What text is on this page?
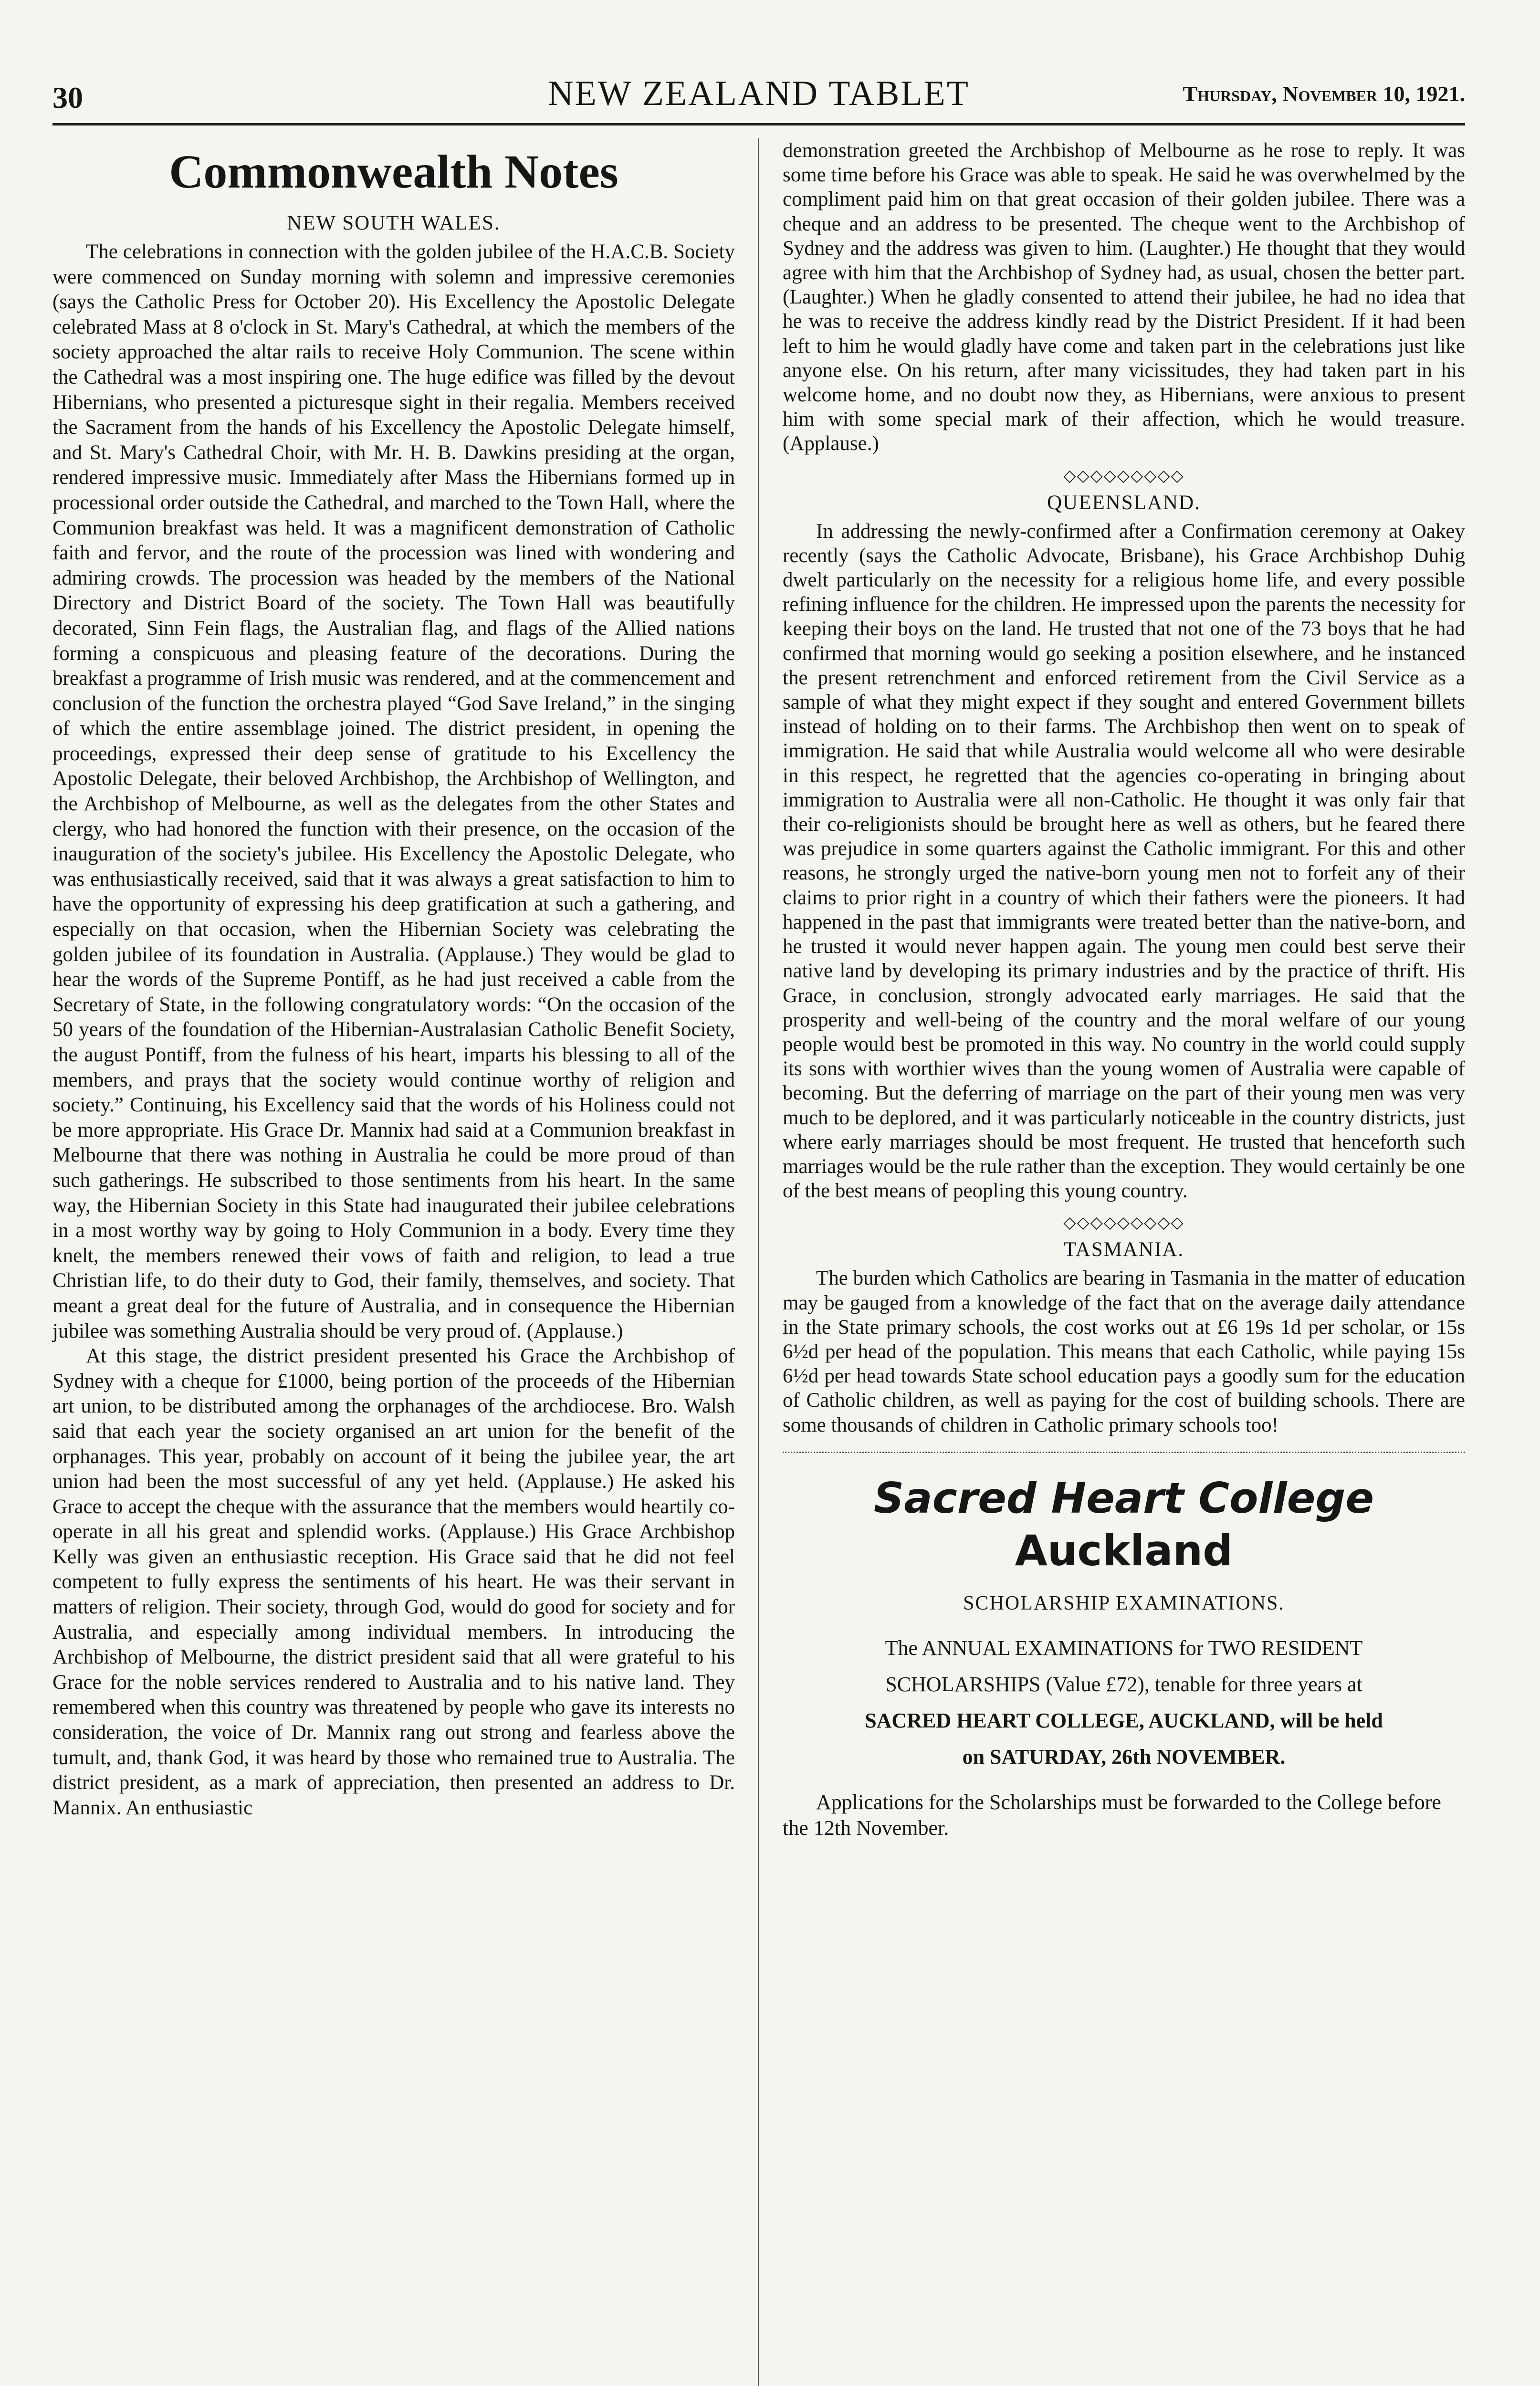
30	NEW ZEALAND TABLET	Thursday, November 10, 1921.
Commonwealth Notes
NEW SOUTH WALES.

The celebrations in connection with the golden jubilee of the H.A.C.B. Society were commenced on Sunday morning with solemn and impressive ceremonies (says the Catholic Press for October 20). His Excellency the Apostolic Delegate celebrated Mass at 8 o'clock in St. Mary's Cathedral, at which the members of the society approached the altar rails to receive Holy Communion. The scene within the Cathedral was a most inspiring one. The huge edifice was filled by the devout Hibernians, who presented a picturesque sight in their regalia. Members received the Sacrament from the hands of his Excellency the Apostolic Delegate himself, and St. Mary's Cathedral Choir, with Mr. H. B. Dawkins presiding at the organ, rendered impressive music. Immediately after Mass the Hibernians formed up in processional order outside the Cathedral, and marched to the Town Hall, where the Communion breakfast was held. It was a magnificent demonstration of Catholic faith and fervor, and the route of the procession was lined with wondering and admiring crowds. The procession was headed by the members of the National Directory and District Board of the society. The Town Hall was beautifully decorated, Sinn Fein flags, the Australian flag, and flags of the Allied nations forming a conspicuous and pleasing feature of the decorations. During the breakfast a programme of Irish music was rendered, and at the commencement and conclusion of the function the orchestra played “God Save Ireland,” in the singing of which the entire assemblage joined. The district president, in opening the proceedings, expressed their deep sense of gratitude to his Excellency the Apostolic Delegate, their beloved Archbishop, the Archbishop of Wellington, and the Archbishop of Melbourne, as well as the delegates from the other States and clergy, who had honored the function with their presence, on the occasion of the inauguration of the society's jubilee. His Excellency the Apostolic Delegate, who was enthusiastically received, said that it was always a great satisfaction to him to have the opportunity of expressing his deep gratification at such a gathering, and especially on that occasion, when the Hibernian Society was celebrating the golden jubilee of its foundation in Australia. (Applause.) They would be glad to hear the words of the Supreme Pontiff, as he had just received a cable from the Secretary of State, in the following congratulatory words: “On the occasion of the 50 years of the foundation of the Hibernian-Australasian Catholic Benefit Society, the august Pontiff, from the fulness of his heart, imparts his blessing to all of the members, and prays that the society would continue worthy of religion and society.” Continuing, his Excellency said that the words of his Holiness could not be more appropriate. His Grace Dr. Mannix had said at a Communion breakfast in Melbourne that there was nothing in Australia he could be more proud of than such gatherings. He subscribed to those sentiments from his heart. In the same way, the Hibernian Society in this State had inaugurated their jubilee celebrations in a most worthy way by going to Holy Communion in a body. Every time they knelt, the members renewed their vows of faith and religion, to lead a true Christian life, to do their duty to God, their family, themselves, and society. That meant a great deal for the future of Australia, and in consequence the Hibernian jubilee was something Australia should be very proud of. (Applause.)

At this stage, the district president presented his Grace the Archbishop of Sydney with a cheque for £1000, being portion of the proceeds of the Hibernian art union, to be distributed among the orphanages of the archdiocese. Bro. Walsh said that each year the society organised an art union for the benefit of the orphanages. This year, probably on account of it being the jubilee year, the art union had been the most successful of any yet held. (Applause.) He asked his Grace to accept the cheque with the assurance that the members would heartily co-operate in all his great and splendid works. (Applause.) His Grace Archbishop Kelly was given an enthusiastic reception. His Grace said that he did not feel competent to fully express the sentiments of his heart. He was their servant in matters of religion. Their society, through God, would do good for society and for Australia, and especially among individual members. In introducing the Archbishop of Melbourne, the district president said that all were grateful to his Grace for the noble services rendered to Australia and to his native land. They remembered when this country was threatened by people who gave its interests no consideration, the voice of Dr. Mannix rang out strong and fearless above the tumult, and, thank God, it was heard by those who remained true to Australia. The district president, as a mark of appreciation, then presented an address to Dr. Mannix. An enthusiastic

demonstration greeted the Archbishop of Melbourne as he rose to reply. It was some time before his Grace was able to speak. He said he was overwhelmed by the compliment paid him on that great occasion of their golden jubilee. There was a cheque and an address to be presented. The cheque went to the Archbishop of Sydney and the address was given to him. (Laughter.) He thought that they would agree with him that the Archbishop of Sydney had, as usual, chosen the better part. (Laughter.) When he gladly consented to attend their jubilee, he had no idea that he was to receive the address kindly read by the District President. If it had been left to him he would gladly have come and taken part in the celebrations just like anyone else. On his return, after many vicissitudes, they had taken part in his welcome home, and no doubt now they, as Hibernians, were anxious to present him with some special mark of their affection, which he would treasure. (Applause.)

◇◇◇◇◇◇◇◇◇
QUEENSLAND.

In addressing the newly-confirmed after a Confirmation ceremony at Oakey recently (says the Catholic Advocate, Brisbane), his Grace Archbishop Duhig dwelt particularly on the necessity for a religious home life, and every possible refining influence for the children. He impressed upon the parents the necessity for keeping their boys on the land. He trusted that not one of the 73 boys that he had confirmed that morning would go seeking a position elsewhere, and he instanced the present retrenchment and enforced retirement from the Civil Service as a sample of what they might expect if they sought and entered Government billets instead of holding on to their farms. The Archbishop then went on to speak of immigration. He said that while Australia would welcome all who were desirable in this respect, he regretted that the agencies co-operating in bringing about immigration to Australia were all non-Catholic. He thought it was only fair that their co-religionists should be brought here as well as others, but he feared there was prejudice in some quarters against the Catholic immigrant. For this and other reasons, he strongly urged the native-born young men not to forfeit any of their claims to prior right in a country of which their fathers were the pioneers. It had happened in the past that immigrants were treated better than the native-born, and he trusted it would never happen again. The young men could best serve their native land by developing its primary industries and by the practice of thrift. His Grace, in conclusion, strongly advocated early marriages. He said that the prosperity and well-being of the country and the moral welfare of our young people would best be promoted in this way. No country in the world could supply its sons with worthier wives than the young women of Australia were capable of becoming. But the deferring of marriage on the part of their young men was very much to be deplored, and it was particularly noticeable in the country districts, just where early marriages should be most frequent. He trusted that henceforth such marriages would be the rule rather than the exception. They would certainly be one of the best means of peopling this young country.

◇◇◇◇◇◇◇◇◇
TASMANIA.

The burden which Catholics are bearing in Tasmania in the matter of education may be gauged from a knowledge of the fact that on the average daily attendance in the State primary schools, the cost works out at £6 19s 1d per scholar, or 15s 6½d per head of the population. This means that each Catholic, while paying 15s 6½d per head towards State school education pays a goodly sum for the education of Catholic children, as well as paying for the cost of building schools. There are some thousands of children in Catholic primary schools too!

Sacred Heart College

Auckland

SCHOLARSHIP EXAMINATIONS.

The ANNUAL EXAMINATIONS for TWO RESIDENT

SCHOLARSHIPS (Value £72), tenable for three years at

SACRED HEART COLLEGE, AUCKLAND, will be held

on SATURDAY, 26th NOVEMBER.

Applications for the Scholarships must be forwarded to the College before the 12th November.
